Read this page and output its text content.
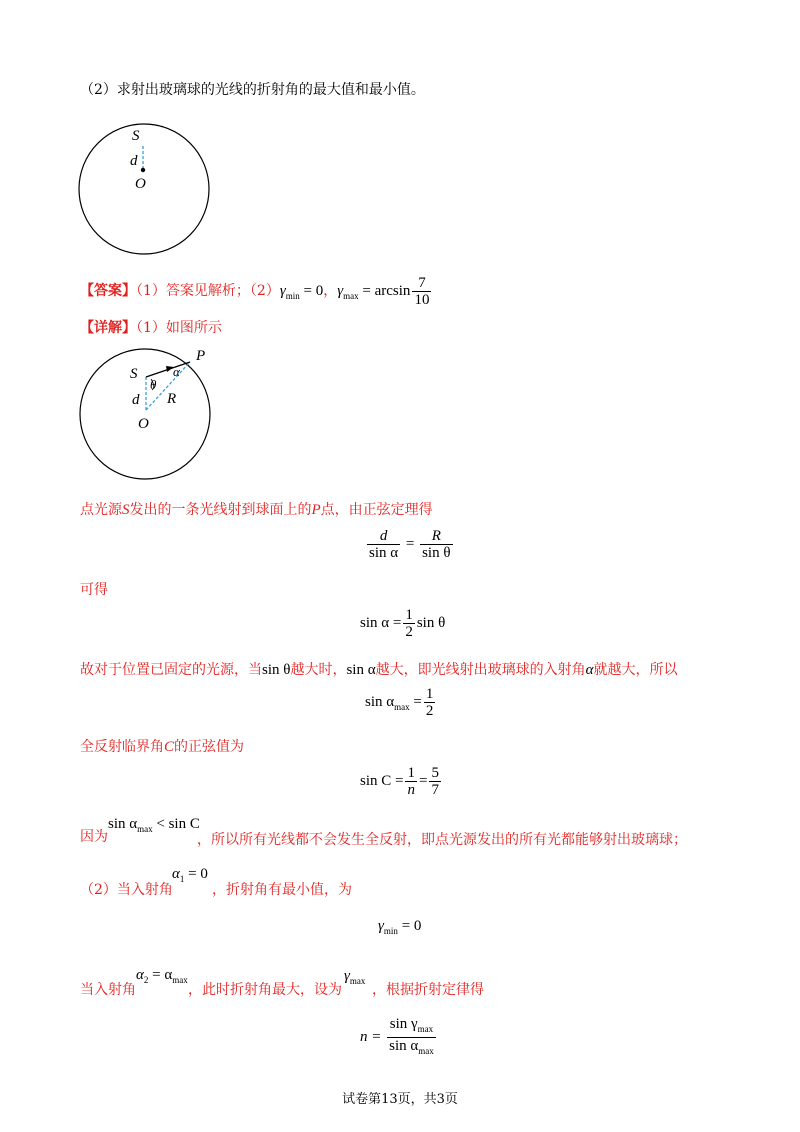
（2）求射出玻璃球的光线的折射角的最大值和最小值。
S
d
O
【答案】（1）答案见解析；$(2)\gamma_{min} = 0$，$\gamma_{max} = \arcsin \frac{7}{10}$
【详解】（1）如图所示
S
P
θ
α
d R
O
点光源S发出的一条光线射到球面上的P点，由正弦定理得
$\frac{d}{\text{sin α}} = \frac{R}{\text{sin θ}}$
可得
$\sin \alpha = \frac{1}{2}$ sin θ
故对于位置已固定的光源，当sin θ越大时，sin α越大，即光线射出玻璃球的入射角α就越大，所以
$\sin \alpha_{max} = \frac{1}{2}$
全反射临界角C的正弦值为
$\sin C = \frac{1}{n} = \frac{5}{7}$
因为
$\sin \alpha_{max} < \sin C$
，所以所有光线都不会发生全反射，即点光源发出的所有光都能够射出玻璃球；
（2）当入射角
$\alpha_1 = 0$
，折射角有最小值，为
$\gamma_{min} = 0$
当入射角
$\alpha_2 = \alpha_{max}$
，此时折射角最大，设为
$\gamma_{max}$
，根据折射定律得
$n = \frac{\sin \gamma_{max}}{\sin \alpha_{max}}$
试卷第13页，共3页
